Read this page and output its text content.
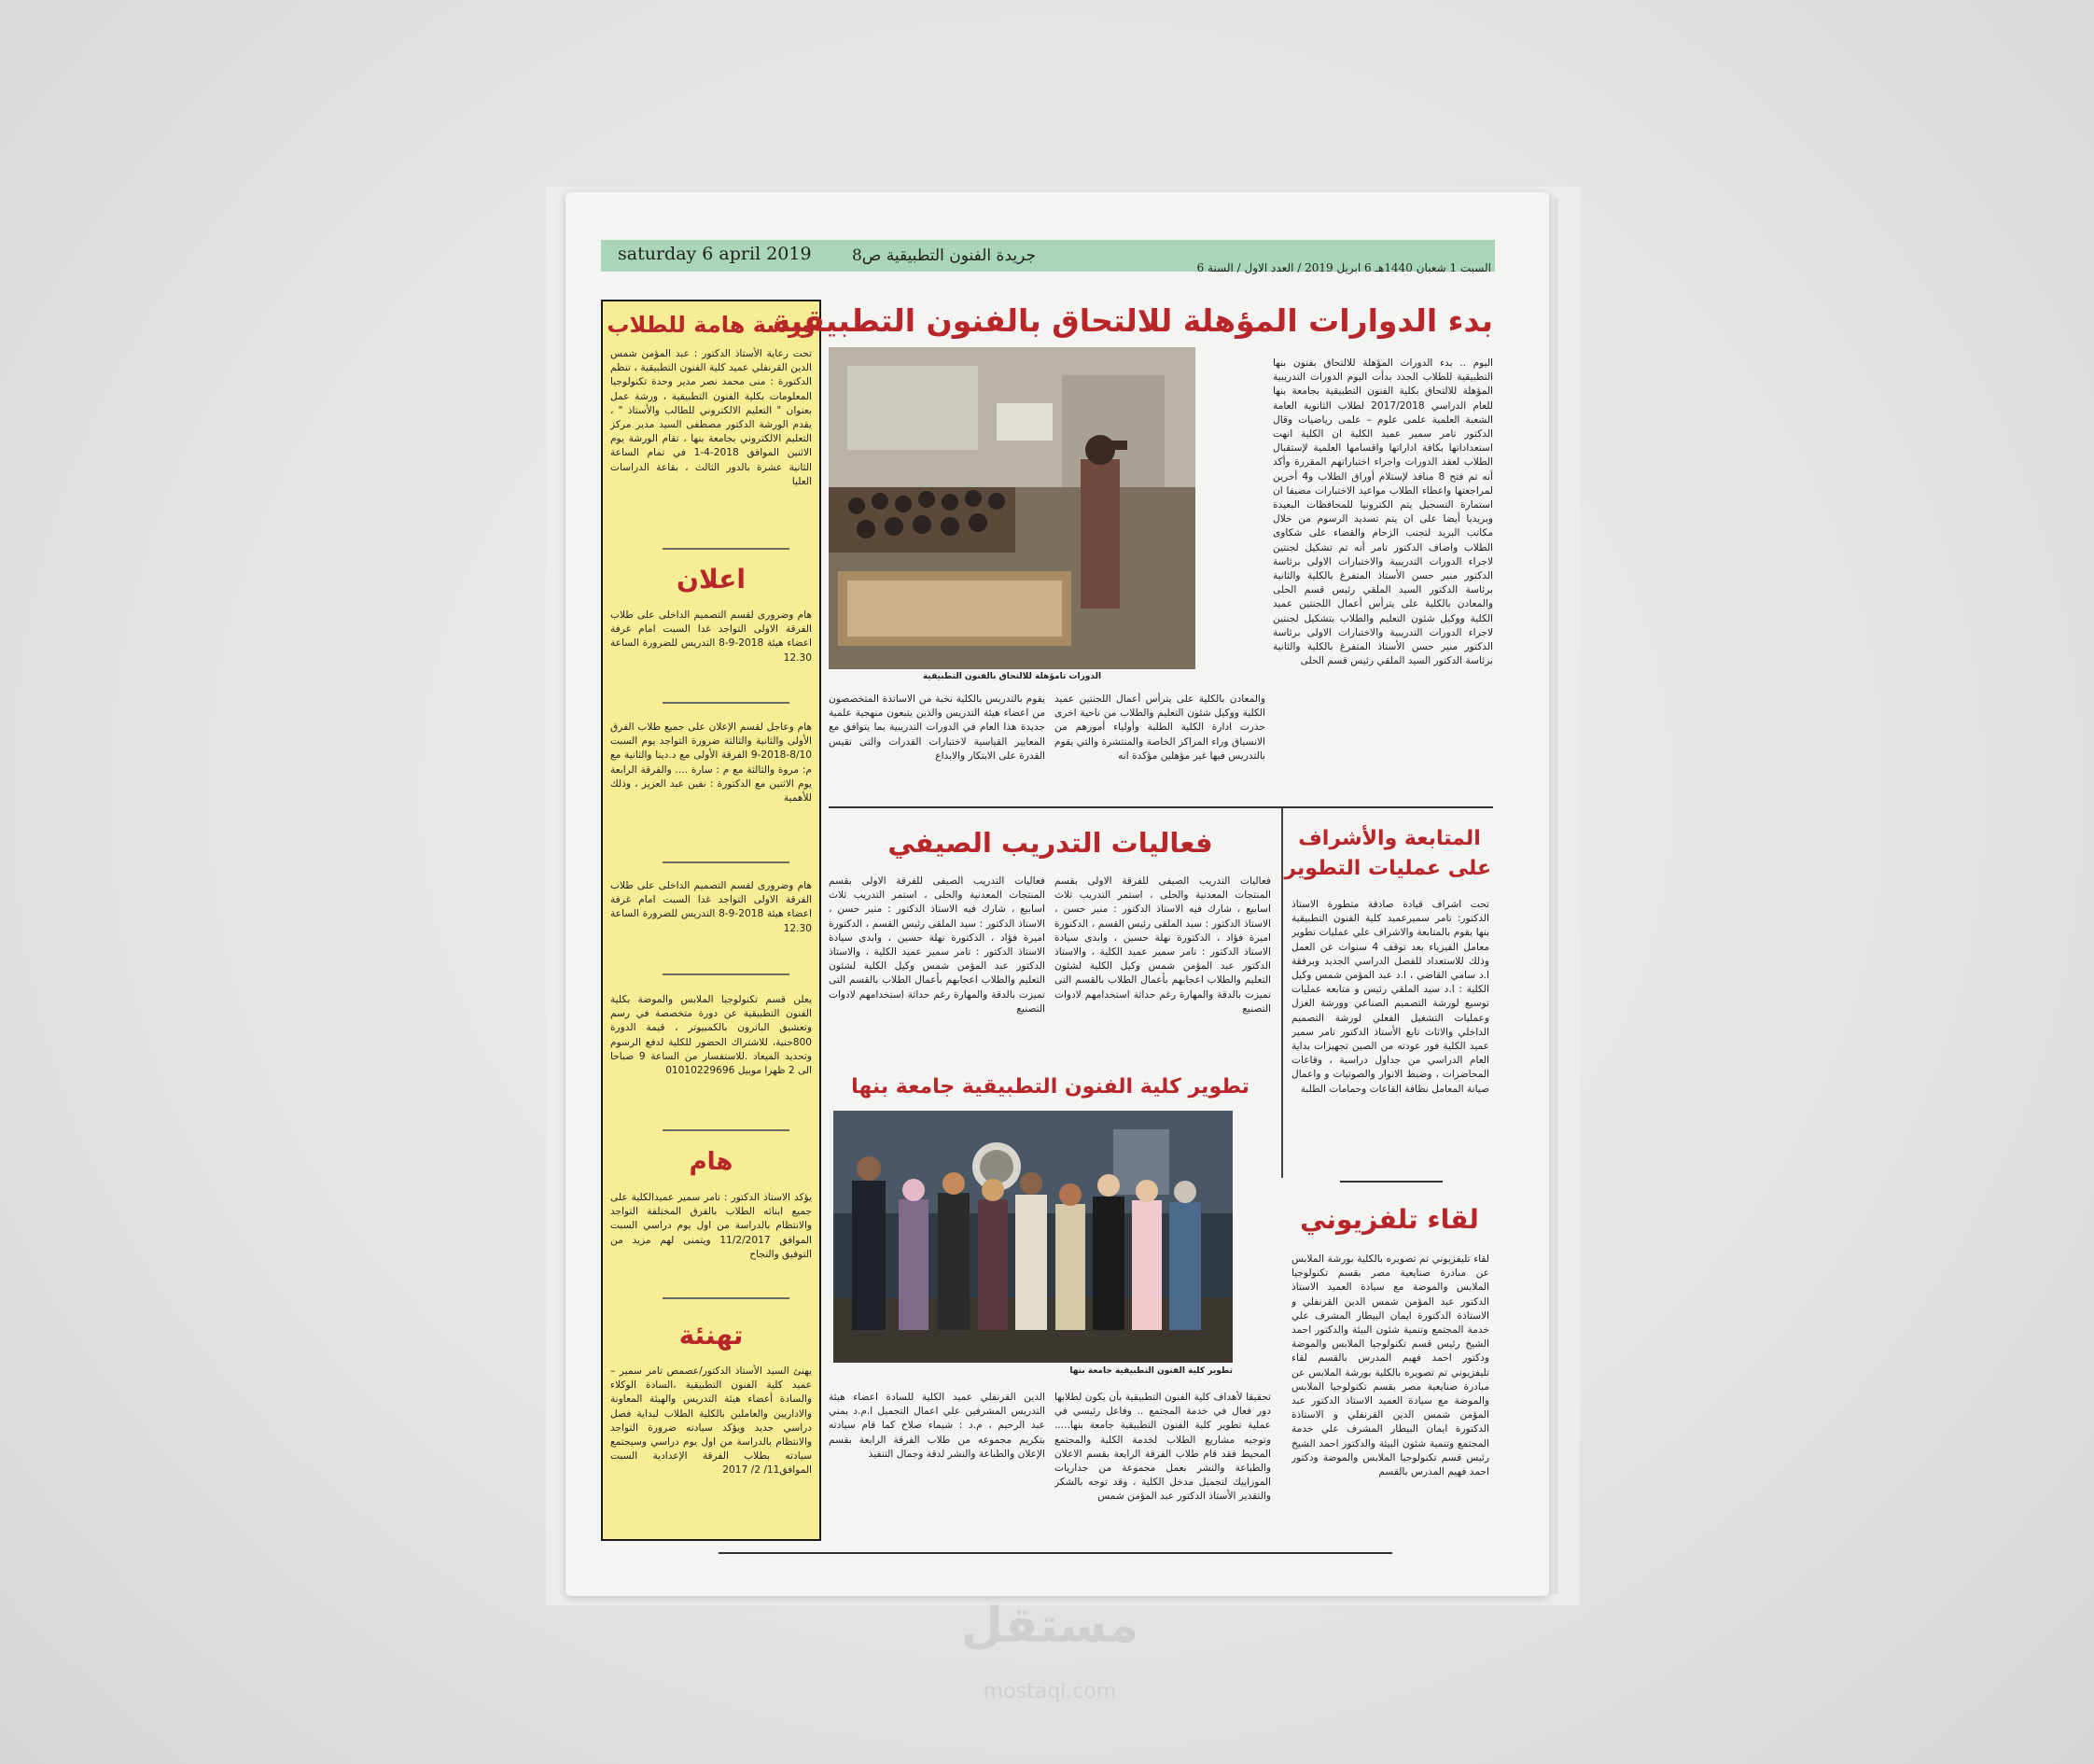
saturday 6 april 2019	جريدة الفنون التطبيقية ص8
السبت 1 شعبان 1440هـ 6 ابريل 2019 / العدد الاول / السنة 6
ورشة هامة للطلاب
تحت رعاية الأستاذ الدكتور : عبد المؤمن شمس الدين القرنفلي عميد كلية الفنون التطبيقية ، تنظم الدكتورة : منى محمد نصر مدير وحدة تكنولوجيا المعلومات بكلية الفنون التطبيقية ، ورشة عمل بعنوان " التعليم الالكتروني للطالب والأستاذ " ، يقدم الورشة الدكتور مصطفى السيد مدير مركز التعليم الالكتروني بجامعة بنها ، تقام الورشة يوم الاثنين الموافق 2018-4-1 في تمام الساعة الثانية عشرة بالدور الثالث ، بقاعة الدراسات العليا
اعلان
هام وضرورى لقسم التصميم الداخلى على طلاب الفرقة الاولى التواجد غدا السبت امام غرفة اعضاء هيئة 2018-9-8 التدريس للضرورة الساعة 12.30
هام وعاجل لقسم الإعلان على جميع طلاب الفرق الأولى والثانية والثالثة ضرورة التواجد يوم السبت 8/10-2018-9 الفرقة الأولى مع د.دينا والثانية مع م: مروة والثالثة مع م : سارة .... والفرقة الرابعة يوم الاثنين مع الدكتورة : نفين عبد العزيز ، وذلك للأهمية
هام وضرورى لقسم التصميم الداخلى على طلاب الفرقة الاولى التواجد غدا السبت امام غرفة اعضاء هيئة 2018-9-8 التدريس للضرورة الساعة 12.30
يعلن قسم تكنولوجيا الملابس والموضة بكلية الفنون التطبيقية عن دورة متخصصة في رسم وتعشيق الباترون بالكمبيوتر ، قيمة الدورة 800جنية، للاشتراك الحضور للكلية لدفع الرسوم وتحديد الميعاد .للاستفسار من الساعة 9 صباحا الى 2 ظهرا موبيل 01010229696
هام
يؤكد الاستاذ الدكتور : تامر سمير عميدالكلية على جميع ابنائه الطلاب بالفرق المختلفة التواجد والانتظام بالدراسة من اول يوم دراسي السبت الموافق 11/2/2017 ويتمنى لهم مزيد من التوفيق والنجاح
تهنئة
يهنئ السيد الأستاذ الدكتور/عصمص تامر سمير – عميد كلية الفنون التطبيقية ،السادة الوكلاء والسادة أعضاء هيئة التدريس والهيئة المعاونة والاداريين والعاملين بالكلية الطلاب لبداية فصل دراسي جديد ويؤكد سيادته ضرورة التواجد والانتظام بالدراسة من اول يوم دراسي وسيجتمع سيادته بطلاب الفرقة الإعدادية السبت الموافق11/ 2/ 2017
بدء الدوارات المؤهلة للالتحاق بالفنون التطبيقية
الدورات تامؤهلة للالتحاق بالفنون التطبيقية
اليوم .. بدء الدورات المؤهلة للالتحاق بفنون بنها التطبيقية للطلاب الجدد بدأت اليوم الدورات التدريبية المؤهلة للالتحاق بكلية الفنون التطبيقية بجامعة بنها للعام الدراسي 2017/2018 لطلاب الثانوية العامة الشعبة العلمية علمى علوم – علمى رياضيات وقال الدكتور تامر سمير عميد الكلية ان الكلية انهت استعداداتها بكافة اداراتها واقسامها العلمية لإستقبال الطلاب لعقد الدورات واجراء اختباراتهم المقررة وأكد أنه تم فتح 8 منافذ لإستلام أوراق الطلاب و4 أخرين لمراجعتها واعطاء الطلاب مواعيد الاختبارات مضيفا ان استمارة التسجيل يتم الكترونيا للمحافظات البعيدة وبريديا أيضا على ان يتم تسديد الرسوم من خلال مكاتب البريد لتجنب الزحام والقضاء على شكاوى الطلاب واضاف الدكتور تامر أنه تم تشكيل لجنتين لاجراء الدورات التدريبية والاختبارات الاولى برئاسة الدكتور منير حسن الأستاذ المتفرغ بالكلية والثانية برئاسة الدكتور السيد الملقي رئيس قسم الحلى والمعادن بالكلية على يترأس أعمال اللجنتين عميد الكلية ووكيل شئون التعليم والطلاب بتشكيل لجنتين لاجراء الدورات التدريبية والاختبارات الاولى برئاسة الدكتور منير حسن الأستاذ المتفرغ بالكلية والثانية برئاسة الدكتور السيد الملقي رئيس قسم الحلى
والمعادن بالكلية على يترأس أعمال اللجنتين عميد الكلية ووكيل شئون التعليم والطلاب من ناحية اخرى حذرت ادارة الكلية الطلبة وأولياء أمورهم من الانسياق وراء المراكز الخاصة والمنتشرة والتي يقوم بالتدريس فيها غير مؤهلين مؤكدة انه
يقوم بالتدريس بالكلية نخبة من الاساتذة المتخصصون من اعضاء هيئة التدريس والذين يتبعون منهجية علمية جديدة هذا العام في الدورات التدريبية بما يتوافق مع المعايير القياسية لاختبارات القدرات والتى تقيس القدرة على الابتكار والابداع
فعاليات التدريب الصيفي
فعاليات التدريب الصيفى للفرقة الاولى بقسم المنتجات المعدنية والحلى ، استمر التدريب ثلاث اسابيع ، شارك فيه الاستاذ الدكتور : منير حسن ، الاستاذ الدكتور : سيد الملقى رئيس القسم ، الدكتورة اميرة فؤاد ، الدكتورة نهلة حسين ، وابدى سيادة الاستاذ الدكتور : تامر سمير عميد الكلية ، والاستاذ الدكتور عبد المؤمن شمس وكيل الكلية لشئون التعليم والطلاب اعجابهم بأعمال الطلاب بالقسم التى تميزت بالدقة والمهارة رغم حداثة استخدامهم لادوات التصنيع
فعاليات التدريب الصيفى للفرقة الاولى بقسم المنتجات المعدنية والحلى ، استمر التدريب ثلاث اسابيع ، شارك فيه الاستاذ الدكتور : منير حسن ، الاستاذ الدكتور : سيد الملقى رئيس القسم ، الدكتورة اميرة فؤاد ، الدكتورة نهلة حسين ، وابدى سيادة الاستاذ الدكتور : تامر سمير عميد الكلية ، والاستاذ الدكتور عبد المؤمن شمس وكيل الكلية لشئون التعليم والطلاب اعجابهم بأعمال الطلاب بالقسم التى تميزت بالدقة والمهارة رغم حداثة استخدامهم لادوات التصنيع
تطوير كلية الفنون التطبيقية جامعة بنها
تطوير كلية الفنون التطبيقية جامعة بنها
تحقيقا لأهداف كلية الفنون التطبيقية بأن يكون لطلابها دور فعال في خدمة المجتمع .. وفاعل رئيسي في عملية تطوير كلية الفنون التطبيقية جامعة بنها..... وتوجيه مشاريع الطلاب لخدمة الكلية والمجتمع المحيط فقد قام طلاب الفرقة الرابعة بقسم الاعلان والطباعة والنشر بعمل مجموعة من جداريات الموزاييك لتجميل مدخل الكلية ، وقد توجه بالشكر والتقدير الأستاذ الدكتور عبد المؤمن شمس
الدين القرنفلي عميد الكلية للسادة اعضاء هيئة التدريس المشرفين علي اعمال التجميل ا.م.د يمني عبد الرحيم ، م.د : شيماء صلاح كما قام سيادته بتكريم مجموعه من طلاب الفرقة الرابعة بقسم الإعلان والطباعة والنشر لدقة وجمال التنفيذ
المتابعة والأشراف
على عمليات التطوير
تحت اشراف قيادة صادقة متطورة الاستاذ الدكتور: تامر سميرعميد كلية الفنون التطبيقية بنها يقوم بالمتابعة والاشراف علي عمليات تطوير معامل الفيزياء بعد توقف 4 سنوات عن العمل وذلك للاستعداد للفصل الدراسي الجديد وبرفقة ا.د سامي القاضي ، ا.د عبد المؤمن شمس وكيل الكلية : ا.د سيد الملقي رئيس و متابعه عمليات توسيع لورشة التصميم الصناعي وورشة الغزل وعمليات التشغيل الفعلي لورشة التصميم الداخلي والاثاث تابع الأستاذ الدكتور تامر سمير عميد الكلية فور عودته من الصين تجهيزات بداية العام الدراسي من جداول دراسية ، وقاعات المحاضرات ، وضبط الانوار والصوتيات و واعمال صيانة المعامل نظافة القاعات وحمامات الطلبة
لقاء تلفزيوني
لقاء تليفزيوني تم تصويره بالكلية بورشة الملابس عن مبادرة صنايعية مصر بقسم تكنولوجيا الملابس والموضة مع سيادة العميد الاستاذ الدكتور عبد المؤمن شمس الدين القرنفلي و الاستاذة الدكتورة ايمان البيطار المشرف علي خدمة المجتمع وتنمية شئون البيئة والدكتور احمد الشيخ رئيس قسم تكنولوجيا الملابس والموضة ودكتور احمد فهيم المدرس بالقسم لقاء تليفزيوني تم تصويره بالكلية بورشة الملابس عن مبادرة صنايعية مصر بقسم تكنولوجيا الملابس والموضة مع سيادة العميد الاستاذ الدكتور عبد المؤمن شمس الدين القرنفلي و الاستاذة الدكتورة ايمان البيطار المشرف علي خدمة المجتمع وتنمية شئون البيئة والدكتور احمد الشيخ رئيس قسم تكنولوجيا الملابس والموضة ودكتور احمد فهيم المدرس بالقسم
مستقل
mostaql.com
